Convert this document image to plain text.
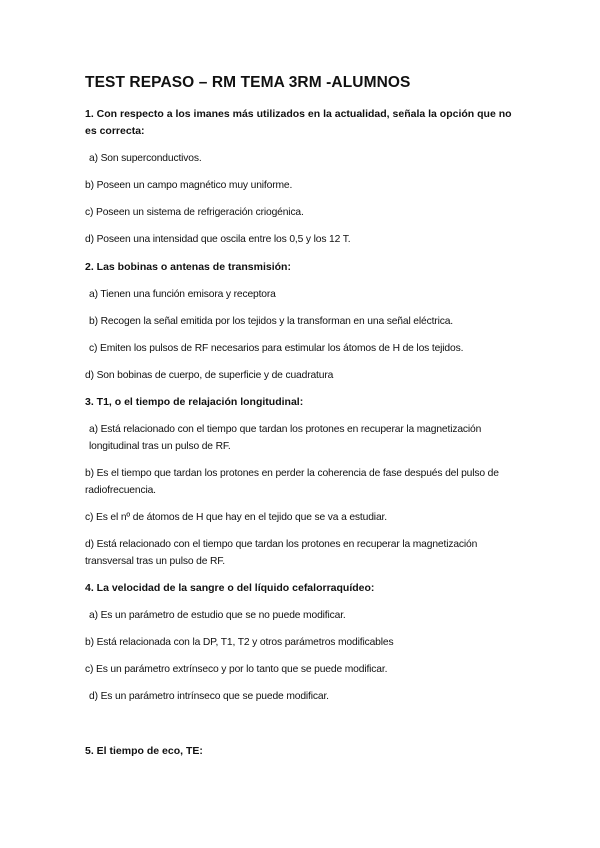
TEST REPASO – RM TEMA 3RM -ALUMNOS
1. Con respecto a los imanes más utilizados en la actualidad, señala la opción que no es correcta:
a) Son superconductivos.
b) Poseen un campo magnético muy uniforme.
c) Poseen un sistema de refrigeración criogénica.
d) Poseen una intensidad que oscila entre los 0,5 y los 12 T.
2. Las bobinas o antenas de transmisión:
a) Tienen una función emisora y receptora
b) Recogen la señal emitida por los tejidos y la transforman en una señal eléctrica.
c) Emiten los pulsos de RF necesarios para estimular los átomos de H de los tejidos.
d) Son bobinas de cuerpo, de superficie y de cuadratura
3. T1, o el tiempo de relajación longitudinal:
a) Está relacionado con el tiempo que tardan los protones en recuperar la magnetización longitudinal tras un pulso de RF.
b) Es el tiempo que tardan los protones en perder la coherencia de fase después del pulso de radiofrecuencia.
c) Es el nº de átomos de H que hay en el tejido que se va a estudiar.
d) Está relacionado con el tiempo que tardan los protones en recuperar la magnetización transversal tras un pulso de RF.
4. La velocidad de la sangre o del líquido cefalorraquídeo:
a) Es un parámetro de estudio que se no puede modificar.
b) Está relacionada con la DP, T1, T2 y otros parámetros modificables
c) Es un parámetro extrínseco y por lo tanto que se puede modificar.
d) Es un parámetro intrínseco que se puede modificar.
5. El tiempo de eco, TE:
